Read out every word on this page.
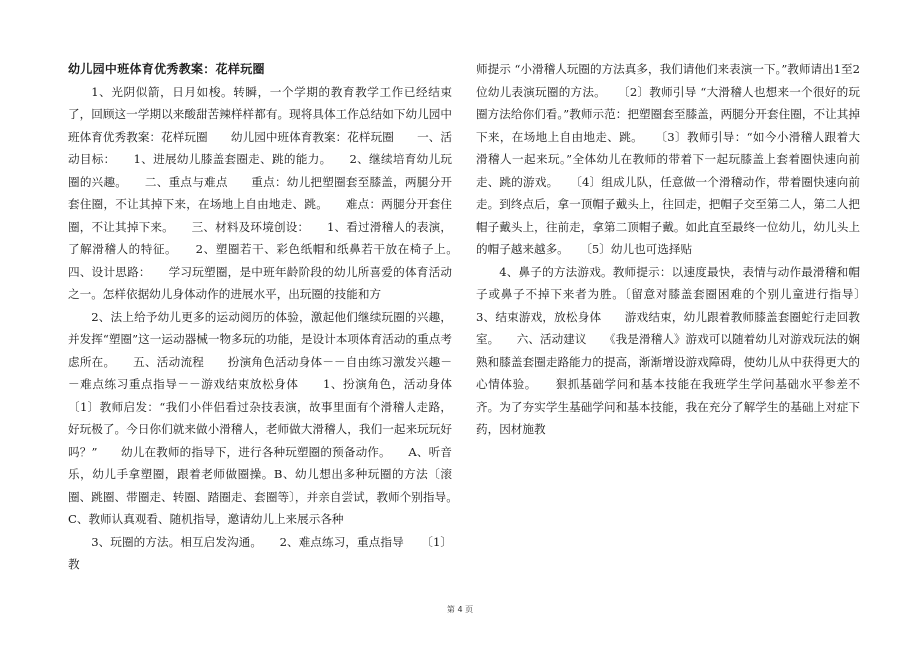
幼儿园中班体育优秀教案：花样玩圈

1、光阴似箭，日月如梭。转瞬，一个学期的教育教学工作已经结束了，回顾这一学期以来酸甜苦辣样样都有。现将具体工作总结如下幼儿园中班体育优秀教案：花样玩圈　　幼儿园中班体育教案：花样玩圈　　一、活动目标：　　1、进展幼儿膝盖套圈走、跳的能力。　　2、继续培育幼儿玩圈的兴趣。　　二、重点与难点　　重点：幼儿把塑圈套至膝盖，两腿分开套住圈，不让其掉下来，在场地上自由地走、跳。　　难点：两腿分开套住圈，不让其掉下来。　　三、材料及环境创设：　　1、看过滑稽人的表演，了解滑稽人的特征。　　2、塑圈若干、彩色纸帽和纸鼻若干放在椅子上。　　四、设计思路：　　学习玩塑圈，是中班年龄阶段的幼儿所喜爱的体育活动之一。怎样依据幼儿身体动作的进展水平，出玩圈的技能和方

2、法上给予幼儿更多的运动阅历的体验，激起他们继续玩圈的兴趣，并发挥“塑圈”这一运动器械一物多玩的功能，是设计本项体育活动的重点考虑所在。　　五、活动流程　　扮演角色活动身体－－自由练习激发兴趣－－难点练习重点指导－－游戏结束放松身体　　1、扮演角色，活动身体　　〔1〕教师启发：“我们小伴侣看过杂技表演，故事里面有个滑稽人走路，好玩极了。今日你们就来做小滑稽人，老师做大滑稽人，我们一起来玩玩好吗？”　　幼儿在教师的指导下，进行各种玩塑圈的预备动作。　　A、听音乐，幼儿手拿塑圈，跟着老师做圈操。B、幼儿想出多种玩圈的方法〔滚圈、跳圈、带圈走、转圈、踏圈走、套圈等〕，并亲自尝试，教师个别指导。　　C、教师认真观看、随机指导，邀请幼儿上来展示各种

3、玩圈的方法。相互启发沟通。　　2、难点练习，重点指导　　〔1〕教

师提示 “小滑稽人玩圈的方法真多，我们请他们来表演一下。”教师请出1至2位幼儿表演玩圈的方法。　　〔2〕教师引导 “大滑稽人也想来一个很好的玩圈方法给你们看。”教师示范：把塑圈套至膝盖，两腿分开套住圈，不让其掉下来，在场地上自由地走、跳。　　〔3〕教师引导：“如今小滑稽人跟着大滑稽人一起来玩。”全体幼儿在教师的带着下一起玩膝盖上套着圈快速向前走、跳的游戏。　　〔4〕组成儿队，任意做一个滑稽动作，带着圈快速向前走。到终点后，拿一顶帽子戴头上，往回走，把帽子交至第二人，第二人把帽子戴头上，往前走，拿第二顶帽子戴。如此直至最终一位幼儿，幼儿头上的帽子越来越多。　　〔5〕幼儿也可选择贴

4、鼻子的方法游戏。教师提示：以速度最快，表情与动作最滑稽和帽子或鼻子不掉下来者为胜。〔留意对膝盖套圈困难的个别儿童进行指导〕　　3、结束游戏，放松身体　　游戏结束，幼儿跟着教师膝盖套圈蛇行走回教室。　　六、活动建议　　《我是滑稽人》游戏可以随着幼儿对游戏玩法的娴熟和膝盖套圈走路能力的提高，渐渐增设游戏障碍，使幼儿从中获得更大的心情体验。　　狠抓基础学问和基本技能在我班学生学问基础水平参差不齐。为了夯实学生基础学问和基本技能，我在充分了解学生的基础上对症下药，因材施教

第 4 页
